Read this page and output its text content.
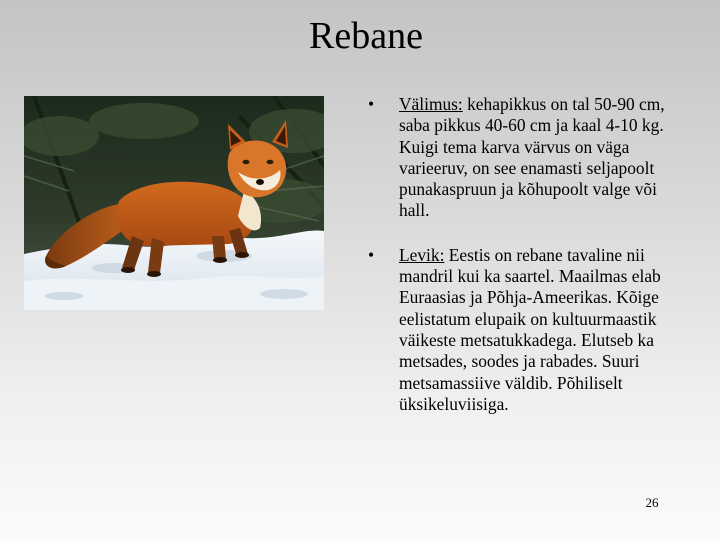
Rebane
• Välimus: kehapikkus on tal 50-90 cm, saba pikkus 40-60 cm ja kaal 4-10 kg. Kuigi tema karva värvus on väga varieeruv, on see enamasti seljapoolt punakaspruun ja kõhupoolt valge või hall.
• Levik: Eestis on rebane tavaline nii mandril kui ka saartel. Maailmas elab Euraasias ja Põhja-Ameerikas. Kõige eelistatum elupaik on kultuurmaastik väikeste metsatukkadega. Elutseb ka metsades, soodes ja rabades. Suuri metsamassiive väldib. Põhiliselt üksikeluviisiga.
26
